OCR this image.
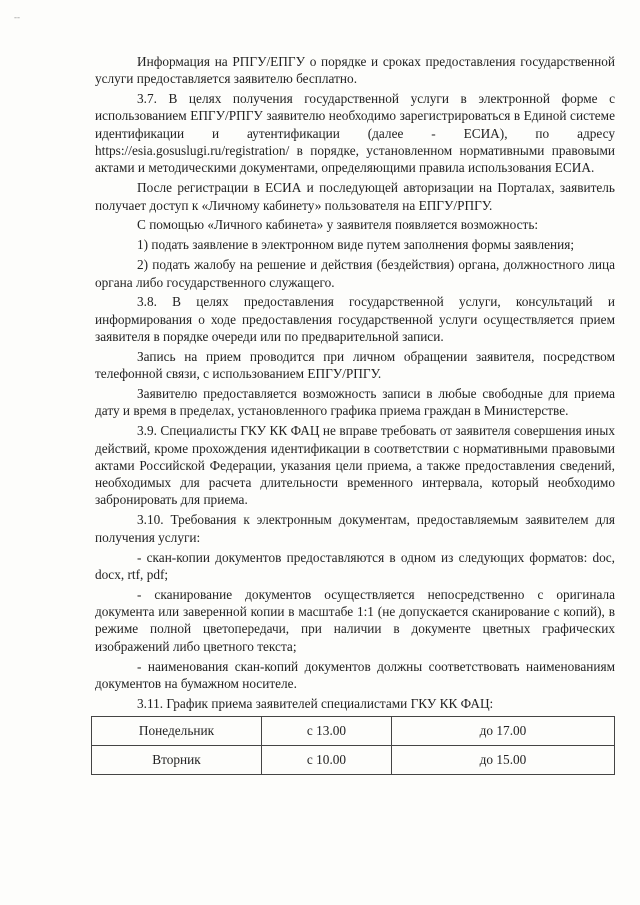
--

Информация на РПГУ/ЕПГУ о порядке и сроках предоставления государственной услуги предоставляется заявителю бесплатно.

3.7. В целях получения государственной услуги в электронной форме с использованием ЕПГУ/РПГУ заявителю необходимо зарегистрироваться в Единой системе идентификации и аутентификации (далее - ЕСИА), по адресу https://esia.gosuslugi.ru/registration/ в порядке, установленном нормативными правовыми актами и методическими документами, определяющими правила использования ЕСИА.

После регистрации в ЕСИА и последующей авторизации на Порталах, заявитель получает доступ к «Личному кабинету» пользователя на ЕПГУ/РПГУ.

С помощью «Личного кабинета» у заявителя появляется возможность:

1) подать заявление в электронном виде путем заполнения формы заявления;

2) подать жалобу на решение и действия (бездействия) органа, должностного лица органа либо государственного служащего.

3.8. В целях предоставления государственной услуги, консультаций и информирования о ходе предоставления государственной услуги осуществляется прием заявителя в порядке очереди или по предварительной записи.

Запись на прием проводится при личном обращении заявителя, посредством телефонной связи, с использованием ЕПГУ/РПГУ.

Заявителю предоставляется возможность записи в любые свободные для приема дату и время в пределах, установленного графика приема граждан в Министерстве.

3.9. Специалисты ГКУ КК ФАЦ не вправе требовать от заявителя совершения иных действий, кроме прохождения идентификации в соответствии с нормативными правовыми актами Российской Федерации, указания цели приема, а также предоставления сведений, необходимых для расчета длительности временного интервала, который необходимо забронировать для приема.

3.10. Требования к электронным документам, предоставляемым заявителем для получения услуги:

- скан-копии документов предоставляются в одном из следующих форматов: doc, docx, rtf, pdf;

- сканирование документов осуществляется непосредственно с оригинала документа или заверенной копии в масштабе 1:1 (не допускается сканирование с копий), в режиме полной цветопередачи, при наличии в документе цветных графических изображений либо цветного текста;

- наименования скан-копий документов должны соответствовать наименованиям документов на бумажном носителе.

3.11. График приема заявителей специалистами ГКУ КК ФАЦ:

Понедельник	с 13.00	до 17.00
Вторник	с 10.00	до 15.00
